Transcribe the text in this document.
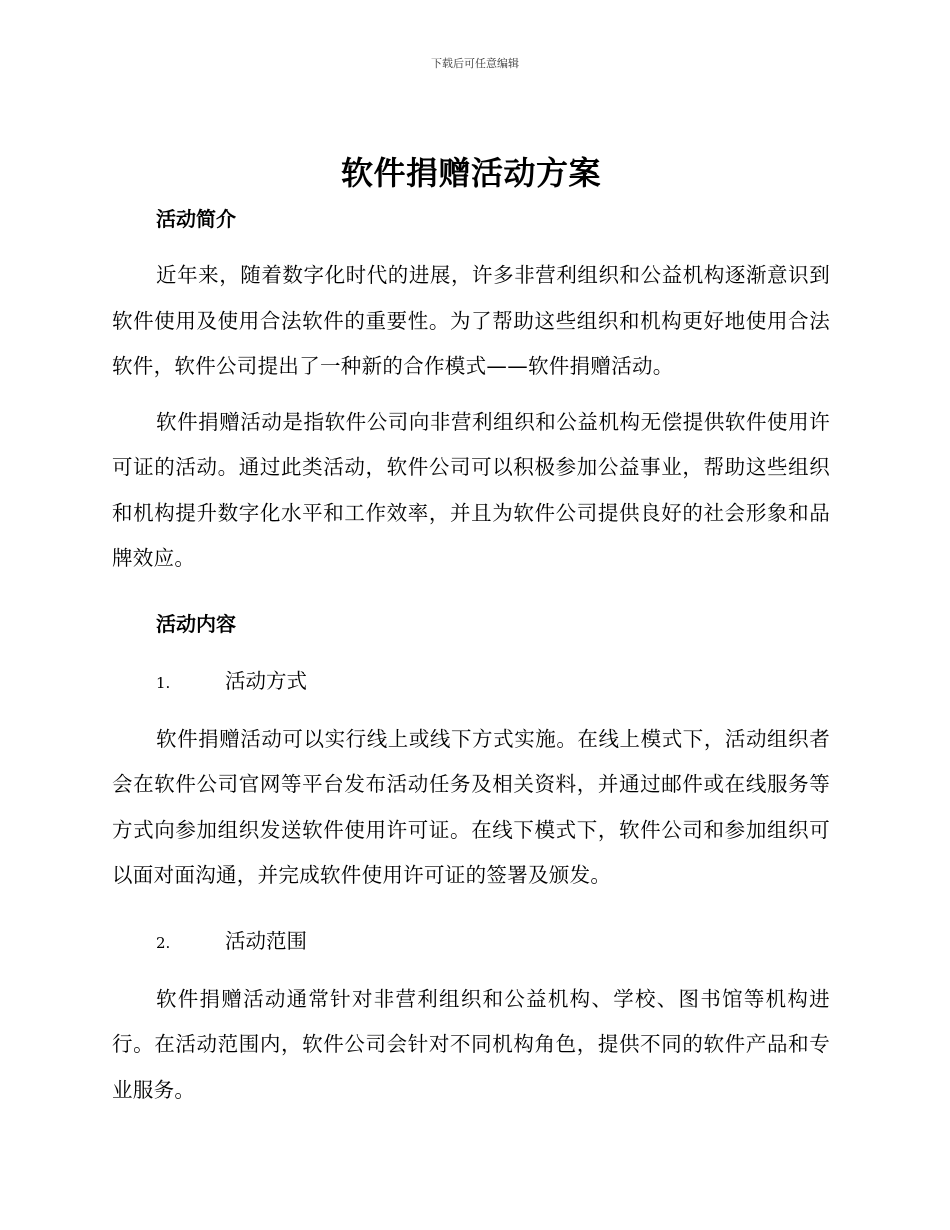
下载后可任意编辑
软件捐赠活动方案
活动简介

近年来，随着数字化时代的进展，许多非营利组织和公益机构逐渐意识到软件使用及使用合法软件的重要性。为了帮助这些组织和机构更好地使用合法软件，软件公司提出了一种新的合作模式——软件捐赠活动。

软件捐赠活动是指软件公司向非营利组织和公益机构无偿提供软件使用许可证的活动。通过此类活动，软件公司可以积极参加公益事业，帮助这些组织和机构提升数字化水平和工作效率，并且为软件公司提供良好的社会形象和品牌效应。

活动内容
1.	活动方式

软件捐赠活动可以实行线上或线下方式实施。在线上模式下，活动组织者会在软件公司官网等平台发布活动任务及相关资料，并通过邮件或在线服务等方式向参加组织发送软件使用许可证。在线下模式下，软件公司和参加组织可以面对面沟通，并完成软件使用许可证的签署及颁发。

2.	活动范围

软件捐赠活动通常针对非营利组织和公益机构、学校、图书馆等机构进行。在活动范围内，软件公司会针对不同机构角色，提供不同的软件产品和专业服务。
